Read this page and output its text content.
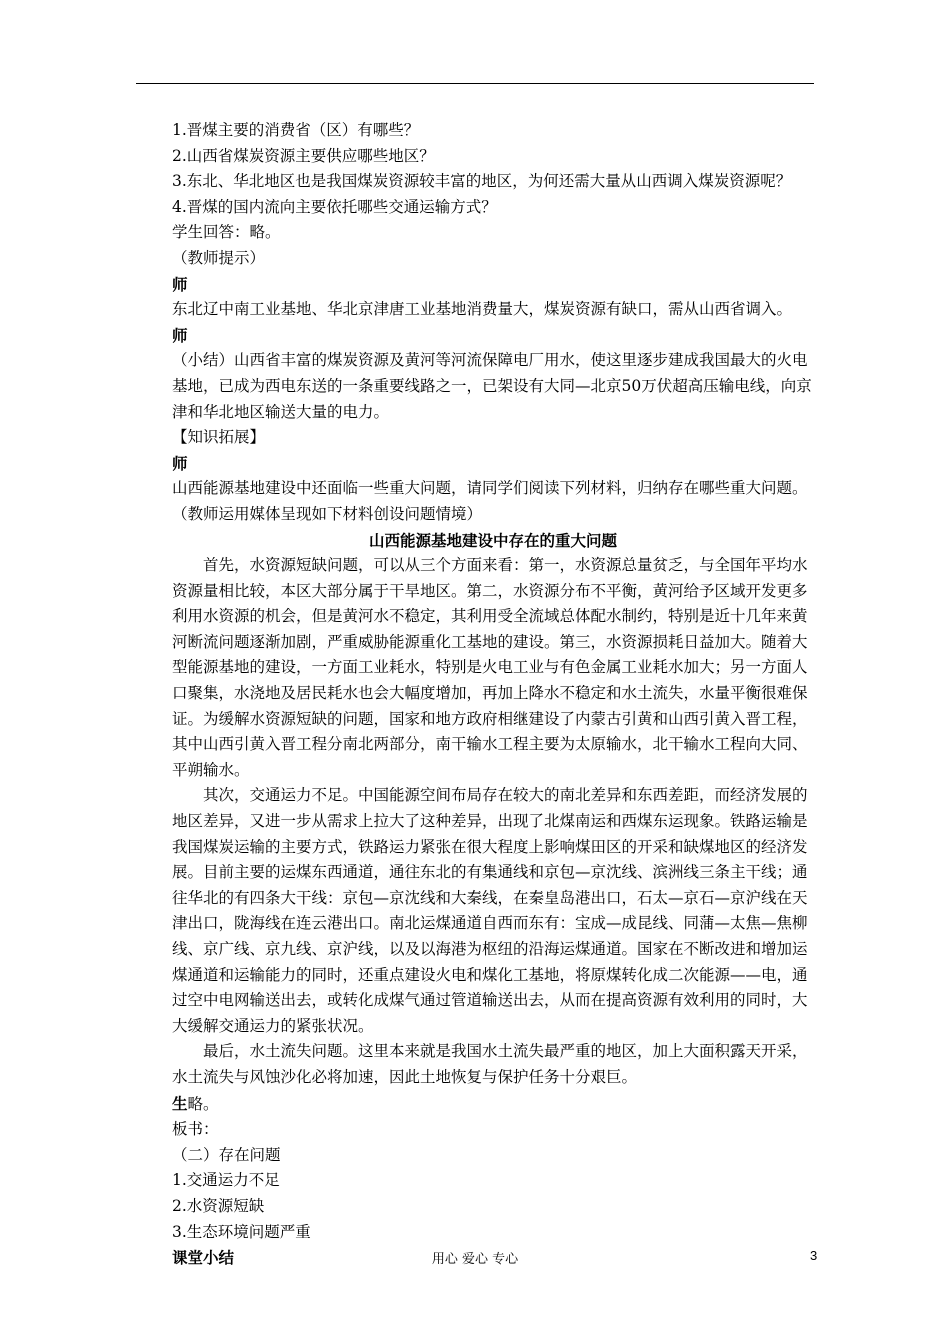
1.晋煤主要的消费省（区）有哪些？

2.山西省煤炭资源主要供应哪些地区？

3.东北、华北地区也是我国煤炭资源较丰富的地区，为何还需大量从山西调入煤炭资源呢？

4.晋煤的国内流向主要依托哪些交通运输方式？

学生回答：略。

（教师提示）

师

东北辽中南工业基地、华北京津唐工业基地消费量大，煤炭资源有缺口，需从山西省调入。

师

（小结）山西省丰富的煤炭资源及黄河等河流保障电厂用水，使这里逐步建成我国最大的火电基地，已成为西电东送的一条重要线路之一，已架设有大同—北京50万伏超高压输电线，向京津和华北地区输送大量的电力。

【知识拓展】

师

山西能源基地建设中还面临一些重大问题，请同学们阅读下列材料，归纳存在哪些重大问题。（教师运用媒体呈现如下材料创设问题情境）

山西能源基地建设中存在的重大问题

首先，水资源短缺问题，可以从三个方面来看：第一，水资源总量贫乏，与全国年平均水资源量相比较，本区大部分属于干旱地区。第二，水资源分布不平衡，黄河给予区域开发更多利用水资源的机会，但是黄河水不稳定，其利用受全流域总体配水制约，特别是近十几年来黄河断流问题逐渐加剧，严重威胁能源重化工基地的建设。第三，水资源损耗日益加大。随着大型能源基地的建设，一方面工业耗水，特别是火电工业与有色金属工业耗水加大；另一方面人口聚集，水浇地及居民耗水也会大幅度增加，再加上降水不稳定和水土流失，水量平衡很难保证。为缓解水资源短缺的问题，国家和地方政府相继建设了内蒙古引黄和山西引黄入晋工程，其中山西引黄入晋工程分南北两部分，南干输水工程主要为太原输水，北干输水工程向大同、平朔输水。

其次，交通运力不足。中国能源空间布局存在较大的南北差异和东西差距，而经济发展的地区差异，又进一步从需求上拉大了这种差异，出现了北煤南运和西煤东运现象。铁路运输是我国煤炭运输的主要方式，铁路运力紧张在很大程度上影响煤田区的开采和缺煤地区的经济发展。目前主要的运煤东西通道，通往东北的有集通线和京包—京沈线、滨洲线三条主干线；通往华北的有四条大干线：京包—京沈线和大秦线，在秦皇岛港出口，石太—京石—京沪线在天津出口，陇海线在连云港出口。南北运煤通道自西而东有：宝成—成昆线、同蒲—太焦—焦柳线、京广线、京九线、京沪线，以及以海港为枢纽的沿海运煤通道。国家在不断改进和增加运煤通道和运输能力的同时，还重点建设火电和煤化工基地，将原煤转化成二次能源——电，通过空中电网输送出去，或转化成煤气通过管道输送出去，从而在提高资源有效利用的同时，大大缓解交通运力的紧张状况。

最后，水土流失问题。这里本来就是我国水土流失最严重的地区，加上大面积露天开采，水土流失与风蚀沙化必将加速，因此土地恢复与保护任务十分艰巨。

生略。

板书：

（二）存在问题

1.交通运力不足

2.水资源短缺

3.生态环境问题严重

课堂小结	用心 爱心 专心	3
